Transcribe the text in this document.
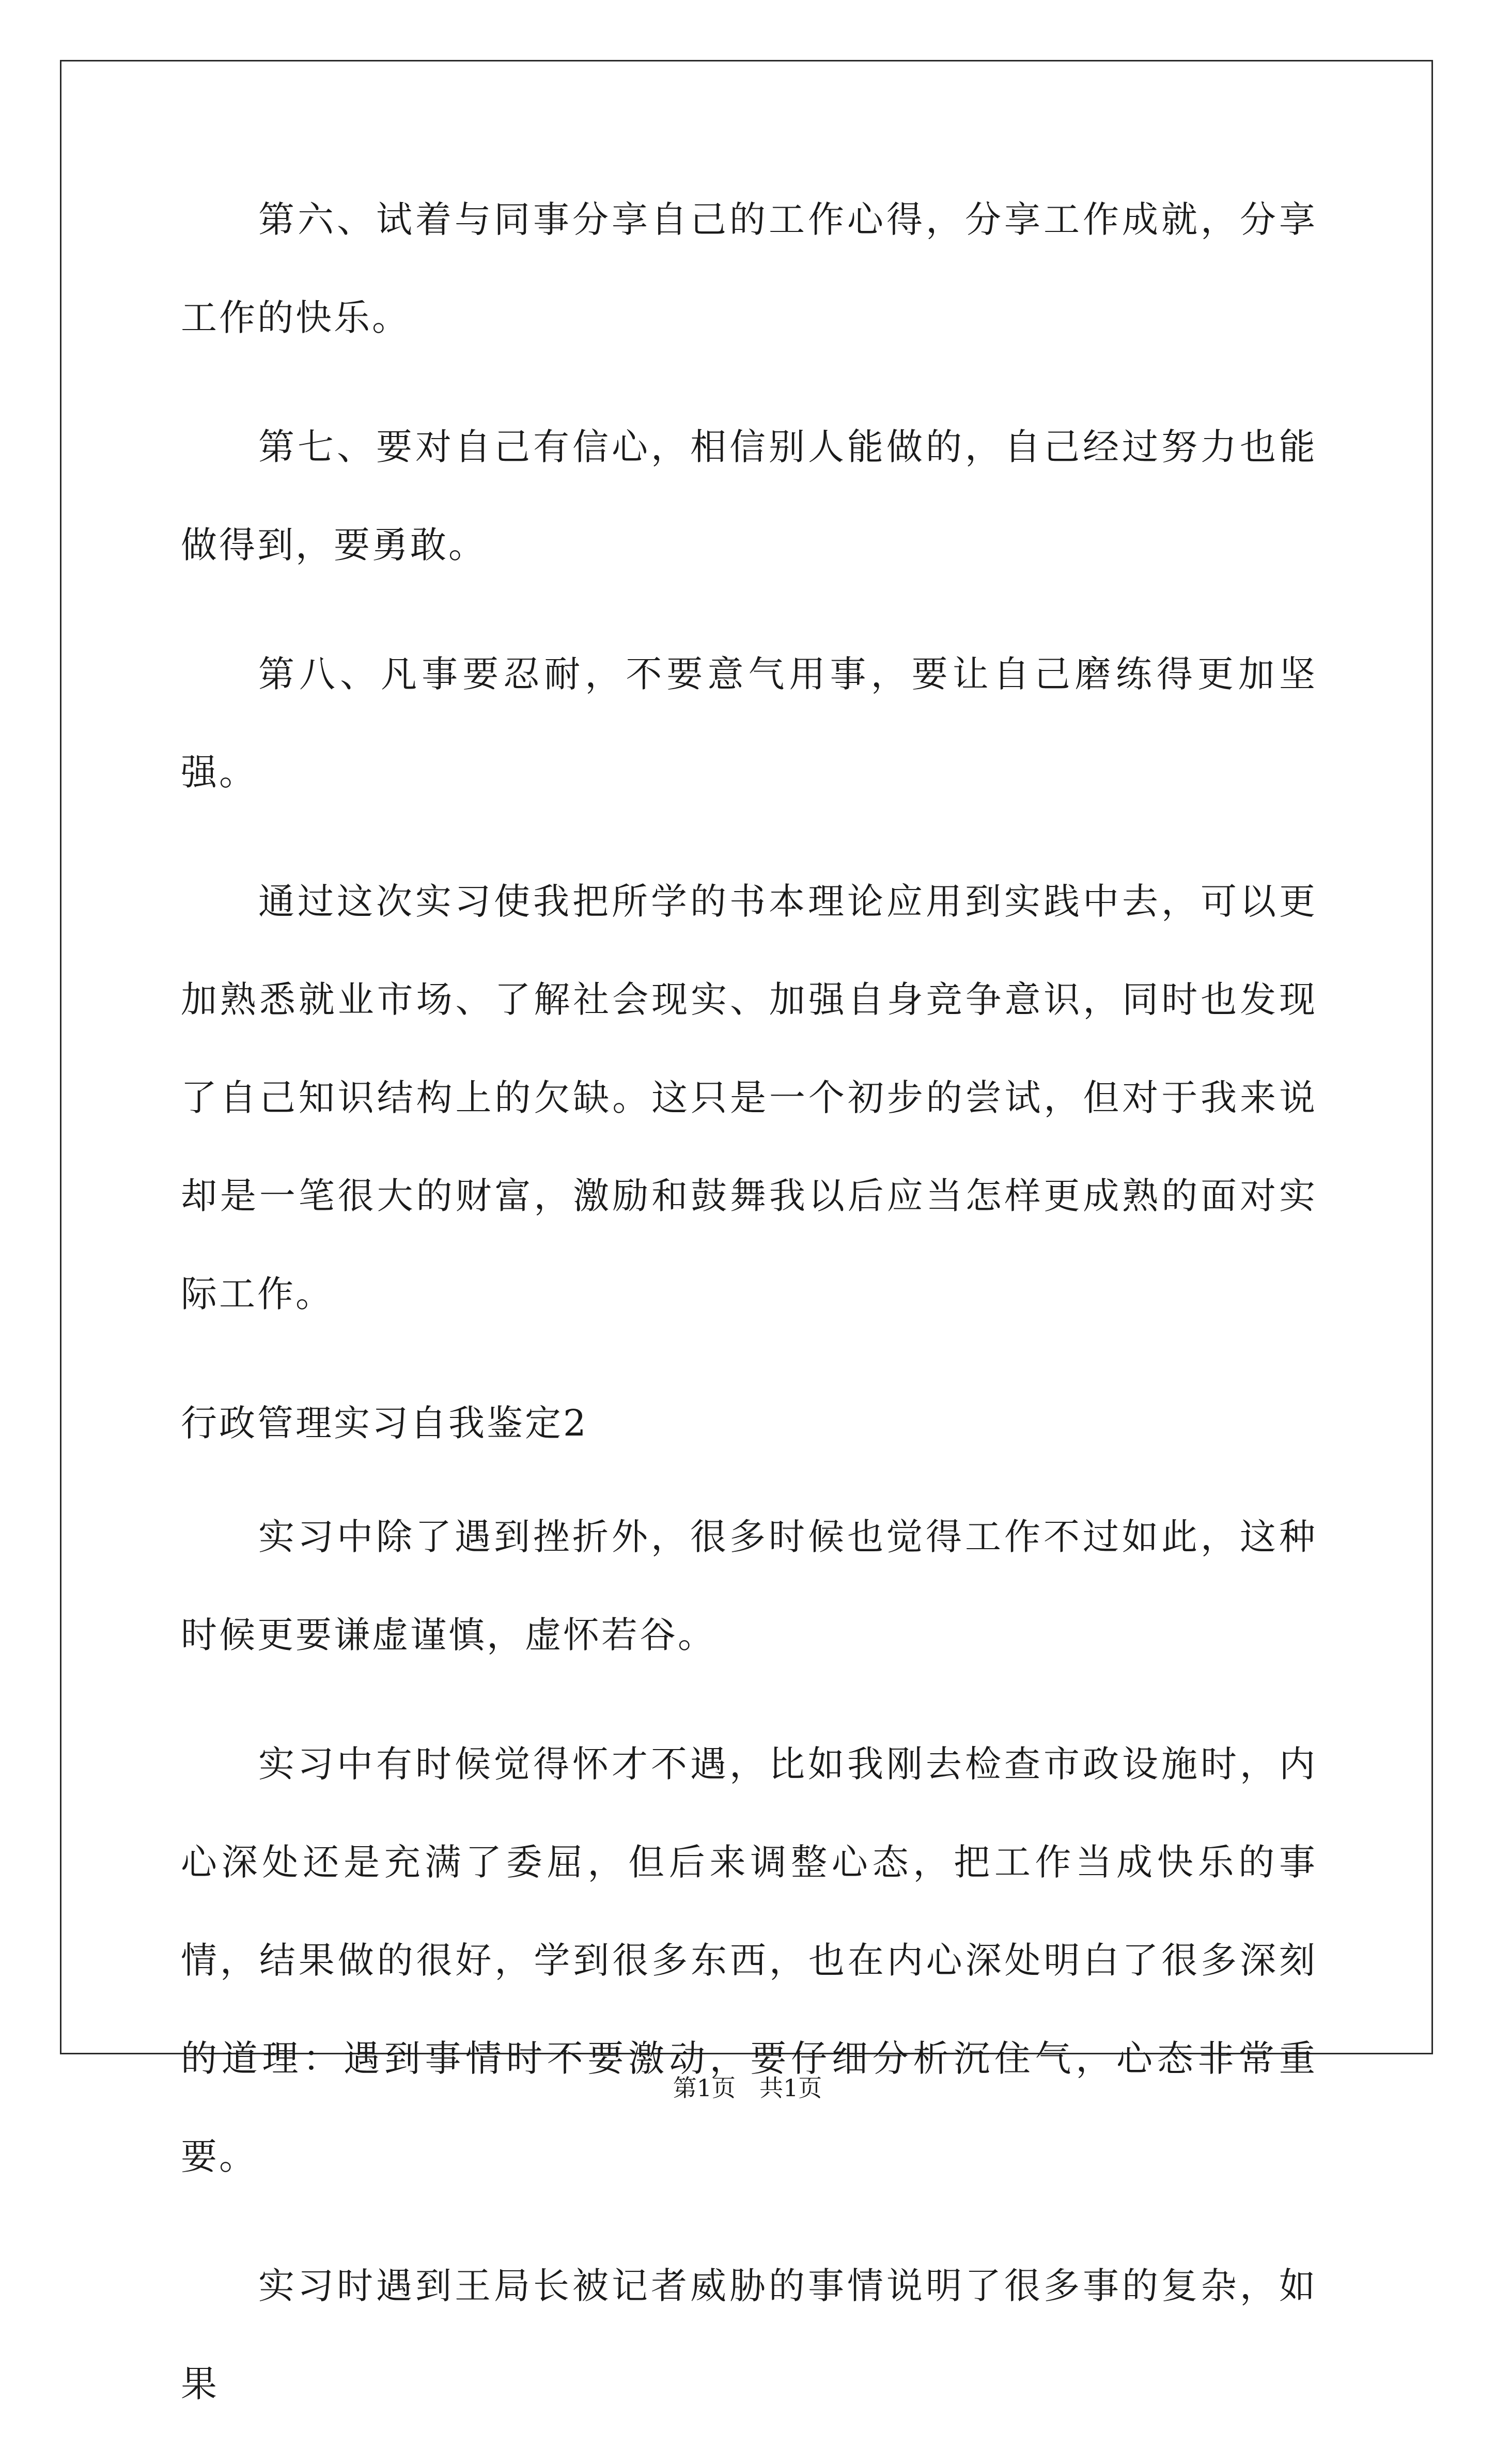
第六、试着与同事分享自己的工作心得，分享工作成就，分享工作的快乐。

第七、要对自己有信心，相信别人能做的，自己经过努力也能做得到，要勇敢。

第八、凡事要忍耐，不要意气用事，要让自己磨练得更加坚强。

通过这次实习使我把所学的书本理论应用到实践中去，可以更加熟悉就业市场、了解社会现实、加强自身竞争意识，同时也发现了自己知识结构上的欠缺。这只是一个初步的尝试，但对于我来说却是一笔很大的财富，激励和鼓舞我以后应当怎样更成熟的面对实际工作。

行政管理实习自我鉴定2

实习中除了遇到挫折外，很多时候也觉得工作不过如此，这种时候更要谦虚谨慎，虚怀若谷。

实习中有时候觉得怀才不遇，比如我刚去检查市政设施时，内心深处还是充满了委屈，但后来调整心态，把工作当成快乐的事情，结果做的很好，学到很多东西，也在内心深处明白了很多深刻的道理：遇到事情时不要激动，要仔细分析沉住气，心态非常重要。

实习时遇到王局长被记者威胁的事情说明了很多事的复杂，如果

第1页　共1页
